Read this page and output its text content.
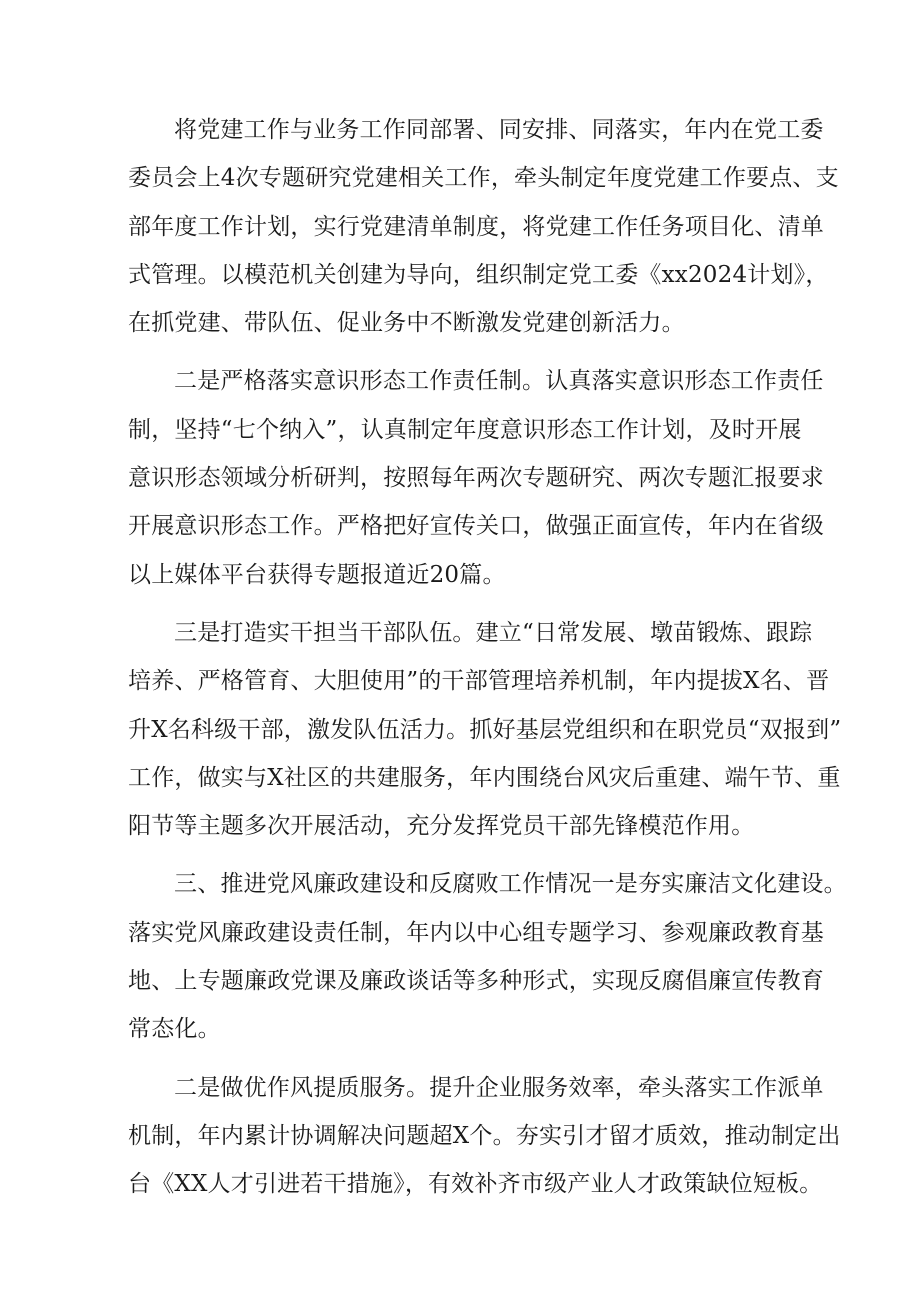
将党建工作与业务工作同部署、同安排、同落实，年内在党工委
委员会上4次专题研究党建相关工作，牵头制定年度党建工作要点、支
部年度工作计划，实行党建清单制度，将党建工作任务项目化、清单
式管理。以模范机关创建为导向，组织制定党工委《xx2024计划》，
在抓党建、带队伍、促业务中不断激发党建创新活力。
二是严格落实意识形态工作责任制。认真落实意识形态工作责任
制，坚持“七个纳入”，认真制定年度意识形态工作计划，及时开展
意识形态领域分析研判，按照每年两次专题研究、两次专题汇报要求
开展意识形态工作。严格把好宣传关口，做强正面宣传，年内在省级
以上媒体平台获得专题报道近20篇。
三是打造实干担当干部队伍。建立“日常发展、墩苗锻炼、跟踪
培养、严格管育、大胆使用”的干部管理培养机制，年内提拔X名、晋
升X名科级干部，激发队伍活力。抓好基层党组织和在职党员“双报到”
工作，做实与X社区的共建服务，年内围绕台风灾后重建、端午节、重
阳节等主题多次开展活动，充分发挥党员干部先锋模范作用。
三、推进党风廉政建设和反腐败工作情况一是夯实廉洁文化建设。
落实党风廉政建设责任制，年内以中心组专题学习、参观廉政教育基
地、上专题廉政党课及廉政谈话等多种形式，实现反腐倡廉宣传教育
常态化。
二是做优作风提质服务。提升企业服务效率，牵头落实工作派单
机制，年内累计协调解决问题超X个。夯实引才留才质效，推动制定出
台《XX人才引进若干措施》，有效补齐市级产业人才政策缺位短板。
